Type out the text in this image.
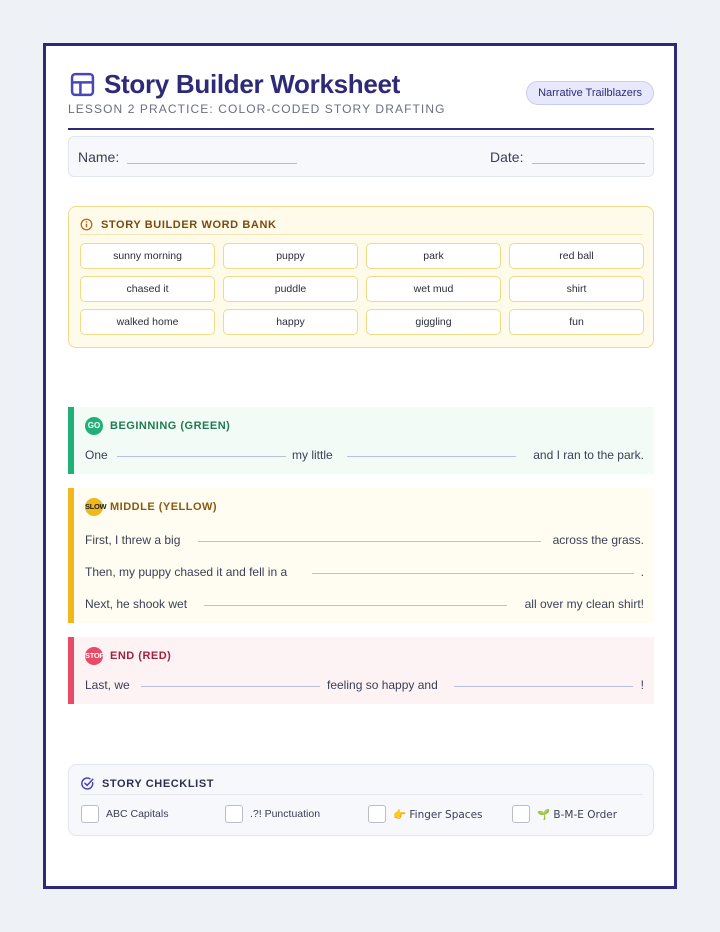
Story Builder Worksheet
LESSON 2 PRACTICE: COLOR-CODED STORY DRAFTING
Narrative Trailblazers
Name:	Date:
STORY BUILDER WORD BANK
sunny morning	puppy	park	red ball
chased it	puddle	wet mud	shirt
walked home	happy	giggling	fun
GO BEGINNING (GREEN)
One	my little	and I ran to the park.
SLOW MIDDLE (YELLOW)
First, I threw a big	across the grass.
Then, my puppy chased it and fell in a	.
Next, he shook wet	all over my clean shirt!
STOP END (RED)
Last, we	feeling so happy and	!
STORY CHECKLIST
ABC Capitals	.?! Punctuation	👉 Finger Spaces	🌱 B-M-E Order
